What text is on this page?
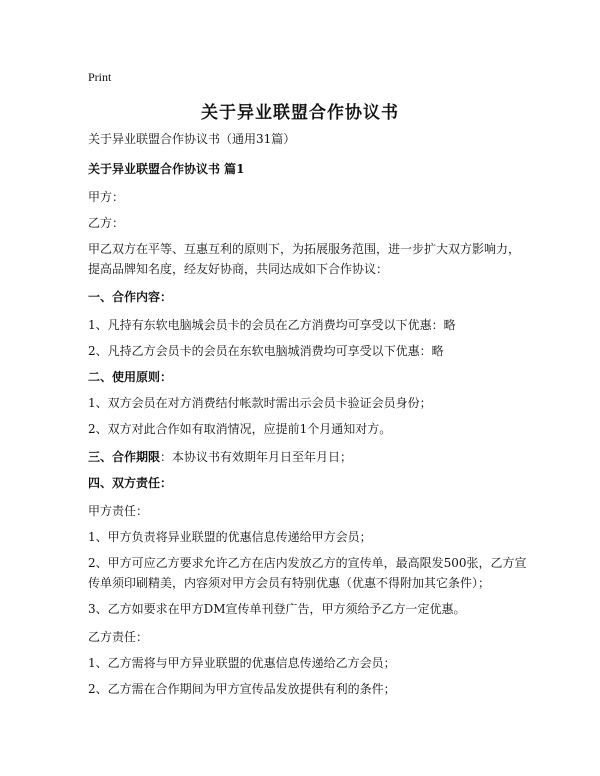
Print
关于异业联盟合作协议书
关于异业联盟合作协议书（通用31篇）
关于异业联盟合作协议书 篇1
甲方：
乙方：
甲乙双方在平等、互惠互利的原则下，为拓展服务范围，进一步扩大双方影响力，
提高品牌知名度，经友好协商，共同达成如下合作协议：
一、合作内容：
1、凡持有东软电脑城会员卡的会员在乙方消费均可享受以下优惠：略
2、凡持乙方会员卡的会员在东软电脑城消费均可享受以下优惠：略
二、使用原则：
1、双方会员在对方消费结付帐款时需出示会员卡验证会员身份；
2、双方对此合作如有取消情况，应提前1个月通知对方。
三、合作期限：本协议书有效期年月日至年月日；
四、双方责任：
甲方责任：
1、甲方负责将异业联盟的优惠信息传递给甲方会员；
2、甲方可应乙方要求允许乙方在店内发放乙方的宣传单，最高限发500张，乙方宣
传单须印刷精美，内容须对甲方会员有特别优惠（优惠不得附加其它条件）；
3、乙方如要求在甲方DM宣传单刊登广告，甲方须给予乙方一定优惠。
乙方责任：
1、乙方需将与甲方异业联盟的优惠信息传递给乙方会员；
2、乙方需在合作期间为甲方宣传品发放提供有利的条件；
